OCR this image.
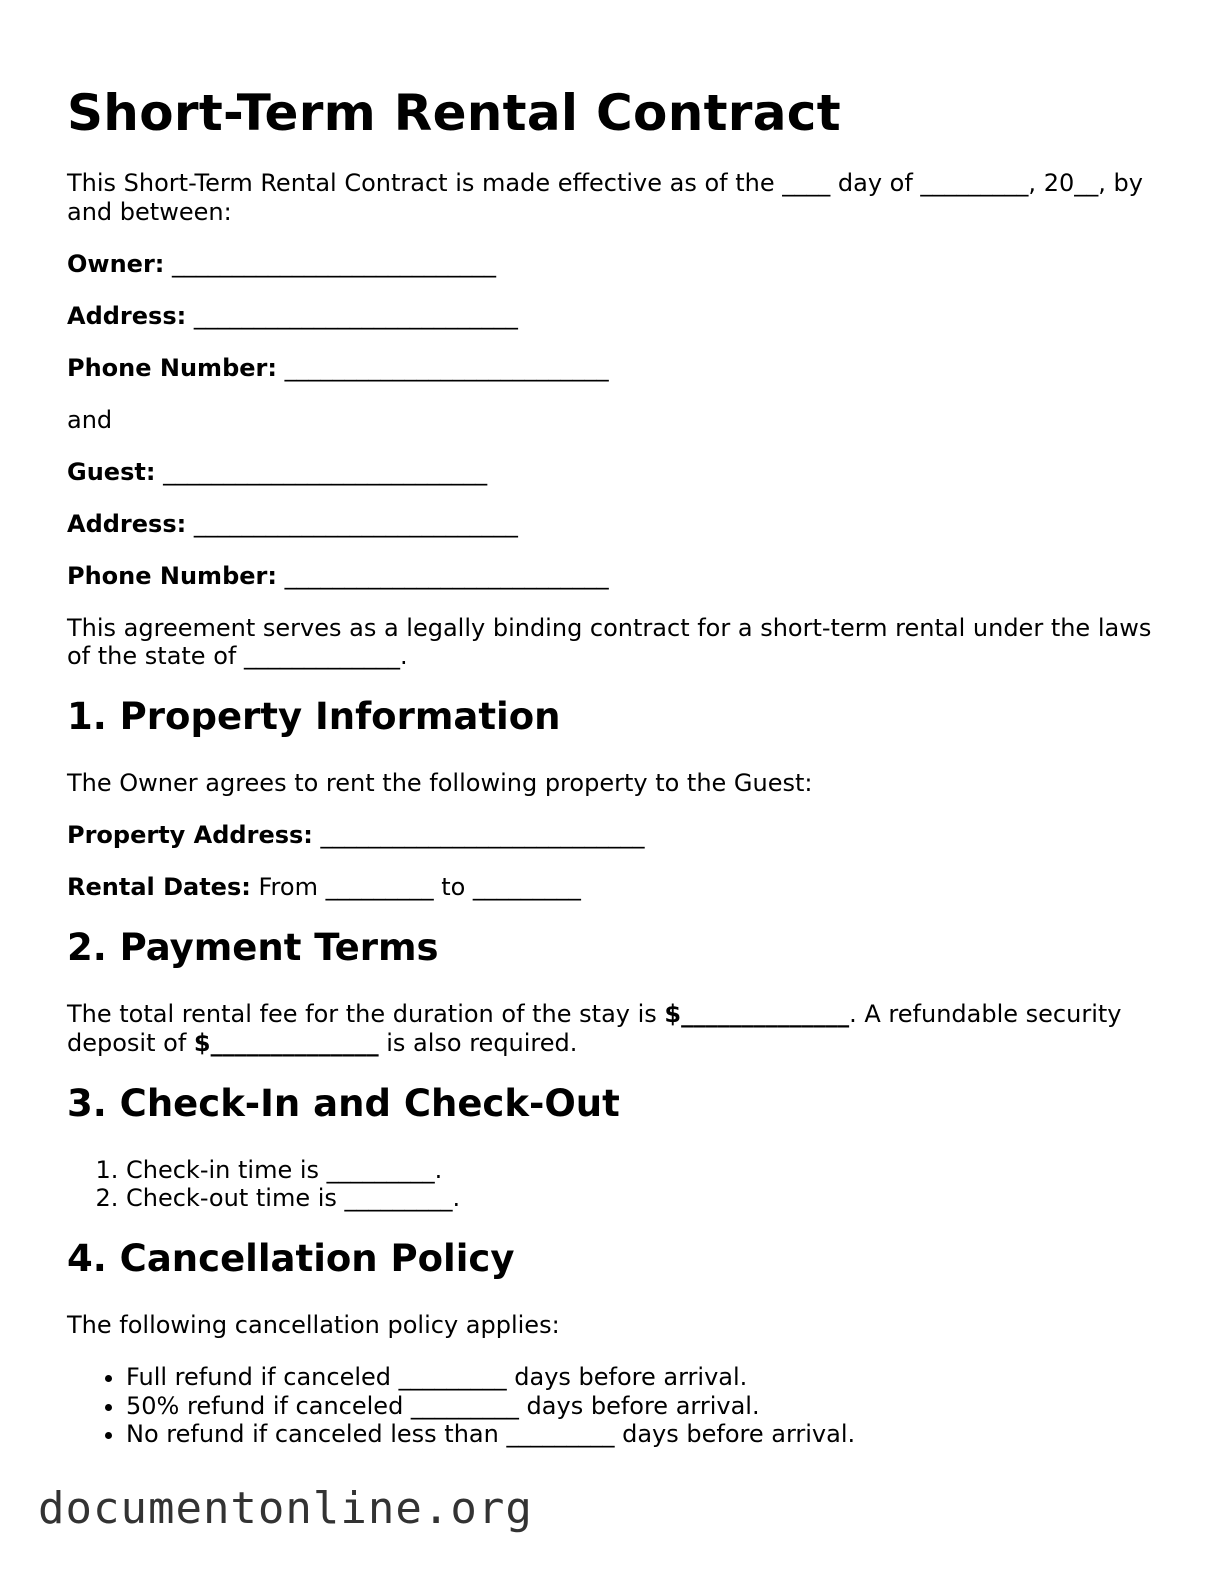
Short-Term Rental Contract

This Short-Term Rental Contract is made effective as of the ____ day of _________, 20__, by and between:

Owner: ___________________________

Address: ___________________________

Phone Number: ___________________________

and

Guest: ___________________________

Address: ___________________________

Phone Number: ___________________________

This agreement serves as a legally binding contract for a short-term rental under the laws of the state of _____________.

1. Property Information

The Owner agrees to rent the following property to the Guest:

Property Address: ___________________________

Rental Dates: From _________ to _________

2. Payment Terms

The total rental fee for the duration of the stay is $______________. A refundable security deposit of $______________ is also required.

3. Check-In and Check-Out
1. Check-in time is _________.
2. Check-out time is _________.
4. Cancellation Policy

The following cancellation policy applies:

• Full refund if canceled _________ days before arrival.
• 50% refund if canceled _________ days before arrival.
• No refund if canceled less than _________ days before arrival.
documentonline.org
